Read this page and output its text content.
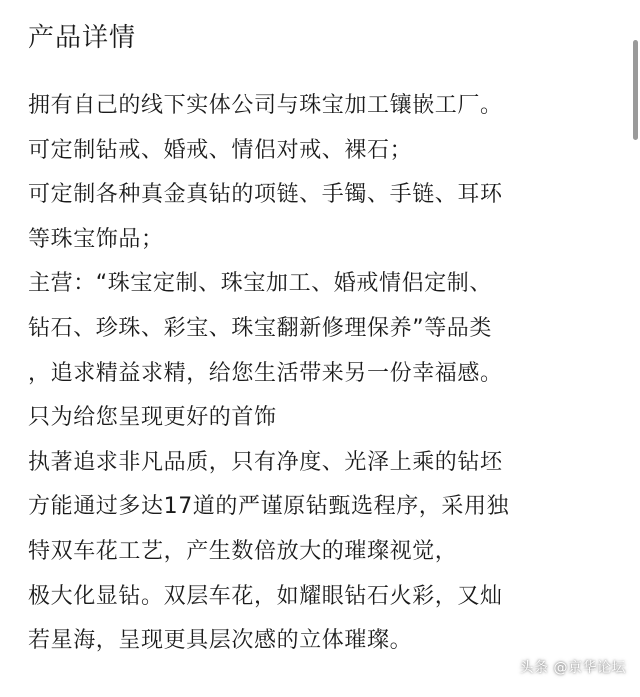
产品详情
拥有自己的线下实体公司与珠宝加工镶嵌工厂。
可定制钻戒、婚戒、情侣对戒、裸石；
可定制各种真金真钻的项链、手镯、手链、耳环
等珠宝饰品；
主营：“珠宝定制、珠宝加工、婚戒情侣定制、
钻石、珍珠、彩宝、珠宝翻新修理保养”等品类
，追求精益求精，给您生活带来另一份幸福感。
只为给您呈现更好的首饰
执著追求非凡品质，只有净度、光泽上乘的钻坯
方能通过多达17道的严谨原钻甄选程序，采用独
特双车花工艺，产生数倍放大的璀璨视觉，
极大化显钻。双层车花，如耀眼钻石火彩，又灿
若星海，呈现更具层次感的立体璀璨。
头条 @京华论坛
